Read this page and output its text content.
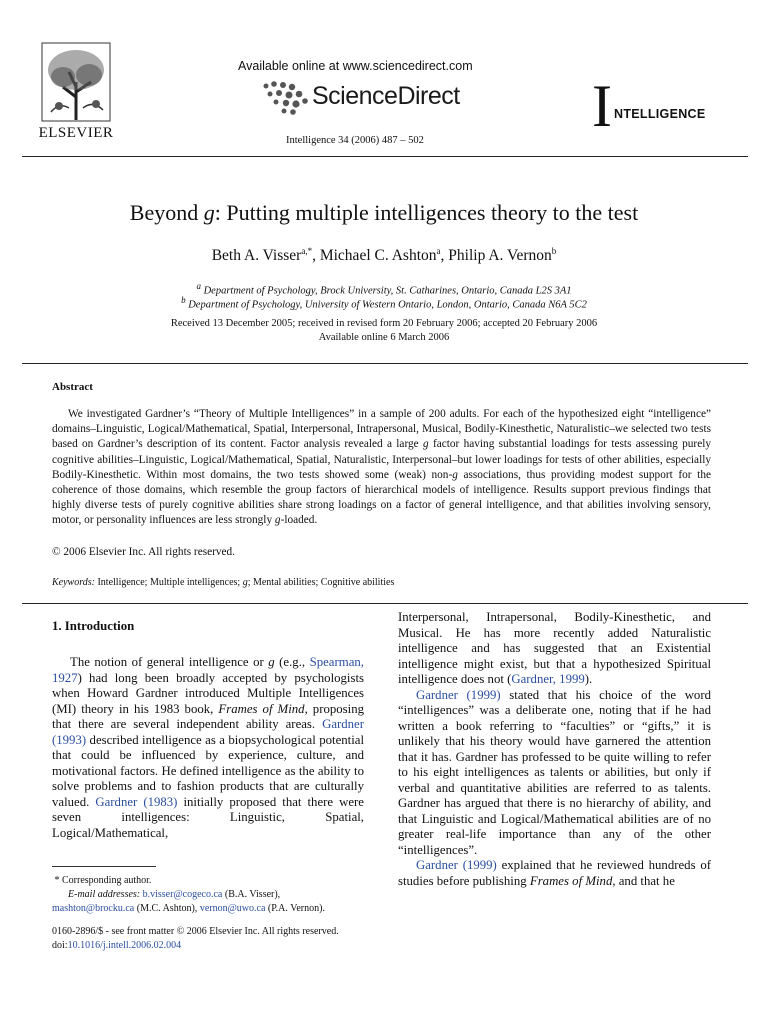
ELSEVIER
Available online at www.sciencedirect.com
ScienceDirect
Intelligence 34 (2006) 487 – 502
I NTELLIGENCE
Beyond g: Putting multiple intelligences theory to the test
Beth A. Visser$^{a,*}$, Michael C. Ashton$^a$, Philip A. Vernon$^b$
$^a$ Department of Psychology, Brock University, St. Catharines, Ontario, Canada L2S 3A1
$^b$ Department of Psychology, University of Western Ontario, London, Ontario, Canada N6A 5C2
Received 13 December 2005; received in revised form 20 February 2006; accepted 20 February 2006
Available online 6 March 2006
Abstract
We investigated Gardner’s “Theory of Multiple Intelligences” in a sample of 200 adults. For each of the hypothesized eight “intelligence” domains–Linguistic, Logical/Mathematical, Spatial, Interpersonal, Intrapersonal, Musical, Bodily-Kinesthetic, Naturalistic–we selected two tests based on Gardner’s description of its content. Factor analysis revealed a large g factor having substantial loadings for tests assessing purely cognitive abilities–Linguistic, Logical/Mathematical, Spatial, Naturalistic, Interpersonal–but lower loadings for tests of other abilities, especially Bodily-Kinesthetic. Within most domains, the two tests showed some (weak) non-g associations, thus providing modest support for the coherence of those domains, which resemble the group factors of hierarchical models of intelligence. Results support previous findings that highly diverse tests of purely cognitive abilities share strong loadings on a factor of general intelligence, and that abilities involving sensory, motor, or personality influences are less strongly g-loaded.
© 2006 Elsevier Inc. All rights reserved.
Keywords: Intelligence; Multiple intelligences; g; Mental abilities; Cognitive abilities
1. Introduction

The notion of general intelligence or g (e.g., Spearman, 1927) had long been broadly accepted by psychologists when Howard Gardner introduced Multiple Intelligences (MI) theory in his 1983 book, Frames of Mind, proposing that there are several independent ability areas. Gardner (1993) described intelligence as a biopsychological potential that could be influenced by experience, culture, and motivational factors. He defined intelligence as the ability to solve problems and to fashion products that are culturally valued. Gardner (1983) initially proposed that there were seven intelligences: Linguistic, Spatial, Logical/Mathematical,

Interpersonal, Intrapersonal, Bodily-Kinesthetic, and Musical. He has more recently added Naturalistic intelligence and has suggested that an Existential intelligence might exist, but that a hypothesized Spiritual intelligence does not (Gardner, 1999).

Gardner (1999) stated that his choice of the word “intelligences” was a deliberate one, noting that if he had written a book referring to “faculties” or “gifts,” it is unlikely that his theory would have garnered the attention that it has. Gardner has professed to be quite willing to refer to his eight intelligences as talents or abilities, but only if verbal and quantitative abilities are referred to as talents. Gardner has argued that there is no hierarchy of ability, and that Linguistic and Logical/Mathematical abilities are of no greater real-life importance than any of the other “intelligences”.

Gardner (1999) explained that he reviewed hundreds of studies before publishing Frames of Mind, and that he

* Corresponding author.
E-mail addresses: b.visser@cogeco.ca (B.A. Visser),
mashton@brocku.ca (M.C. Ashton), vernon@uwo.ca (P.A. Vernon).
0160-2896/$ - see front matter © 2006 Elsevier Inc. All rights reserved.
doi:10.1016/j.intell.2006.02.004
